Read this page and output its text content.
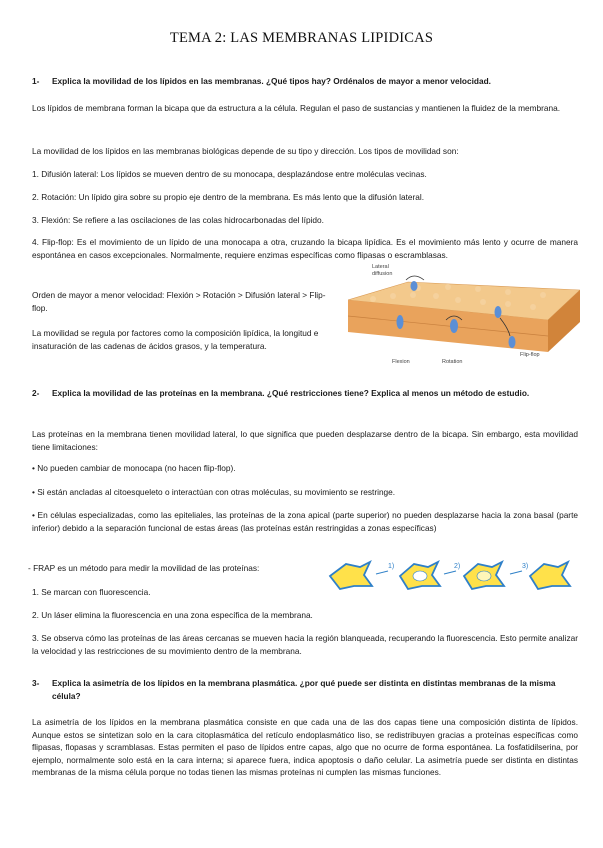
TEMA 2: LAS MEMBRANAS LIPIDICAS
1- Explica la movilidad de los lípidos en las membranas. ¿Qué tipos hay? Ordénalos de mayor a menor velocidad.

Los lípidos de membrana forman la bicapa que da estructura a la célula. Regulan el paso de sustancias y mantienen la fluidez de la membrana.

La movilidad de los lípidos en las membranas biológicas depende de su tipo y dirección. Los tipos de movilidad son:

1. Difusión lateral: Los lípidos se mueven dentro de su monocapa, desplazándose entre moléculas vecinas.

2. Rotación: Un lípido gira sobre su propio eje dentro de la membrana. Es más lento que la difusión lateral.

3. Flexión: Se refiere a las oscilaciones de las colas hidrocarbonadas del lípido.

4. Flip-flop: Es el movimiento de un lípido de una monocapa a otra, cruzando la bicapa lipídica. Es el movimiento más lento y ocurre de manera espontánea en casos excepcionales. Normalmente, requiere enzimas específicas como flipasas o escramblasas.

Orden de mayor a menor velocidad: Flexión > Rotación > Difusión lateral > Flip-flop.

La movilidad se regula por factores como la composición lipídica, la longitud e insaturación de las cadenas de ácidos grasos, y la temperatura.

Lateral
diffusion
Flexion	Rotation
Flip-flop
2- Explica la movilidad de las proteínas en la membrana. ¿Qué restricciones tiene? Explica al menos un método de estudio.

Las proteínas en la membrana tienen movilidad lateral, lo que significa que pueden desplazarse dentro de la bicapa. Sin embargo, esta movilidad tiene limitaciones:

• No pueden cambiar de monocapa (no hacen flip-flop).

• Si están ancladas al citoesqueleto o interactúan con otras moléculas, su movimiento se restringe.

• En células especializadas, como las epiteliales, las proteínas de la zona apical (parte superior) no pueden desplazarse hacia la zona basal (parte inferior) debido a la separación funcional de estas áreas (las proteínas están restringidas a zonas específicas)

- FRAP es un método para medir la movilidad de las proteínas:	1)	2)	3)

1. Se marcan con fluorescencia.

2. Un láser elimina la fluorescencia en una zona específica de la membrana.

3. Se observa cómo las proteínas de las áreas cercanas se mueven hacia la región blanqueada, recuperando la fluorescencia. Esto permite analizar la velocidad y las restricciones de su movimiento dentro de la membrana.

3- Explica la asimetría de los lípidos en la membrana plasmática. ¿por qué puede ser distinta en distintas membranas de la misma célula?

La asimetría de los lípidos en la membrana plasmática consiste en que cada una de las dos capas tiene una composición distinta de lípidos. Aunque estos se sintetizan solo en la cara citoplasmática del retículo endoplasmático liso, se redistribuyen gracias a proteínas específicas como flipasas, flopasas y scramblasas. Estas permiten el paso de lípidos entre capas, algo que no ocurre de forma espontánea. La fosfatidilserina, por ejemplo, normalmente solo está en la cara interna; si aparece fuera, indica apoptosis o daño celular. La asimetría puede ser distinta en distintas membranas de la misma célula porque no todas tienen las mismas proteínas ni cumplen las mismas funciones.
